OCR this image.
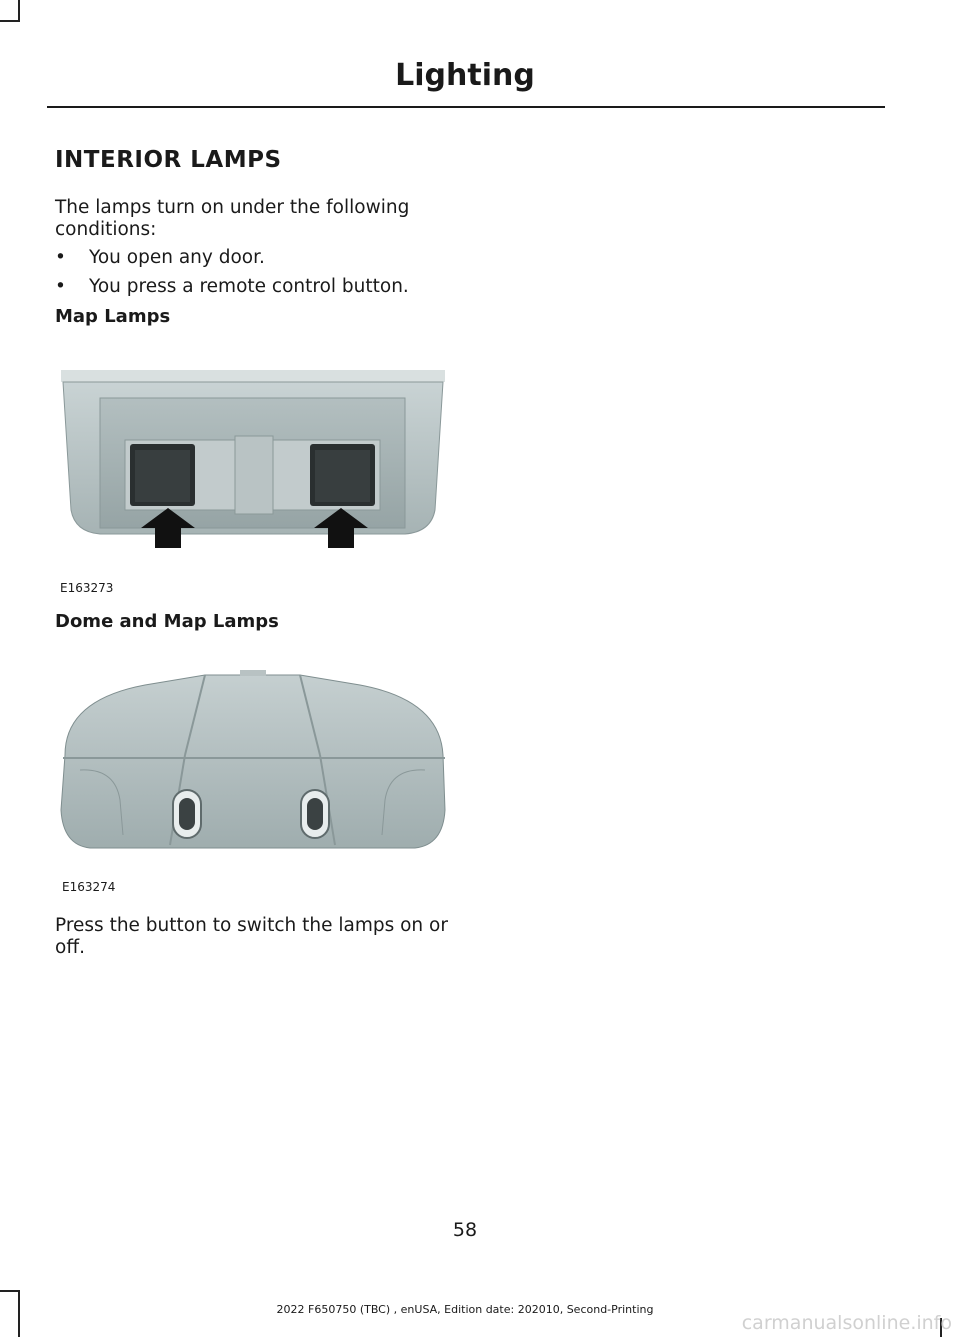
Lighting
INTERIOR LAMPS
The lamps turn on under the following conditions:
• You open any door.
• You press a remote control button.
Map Lamps
E163273
Dome and Map Lamps
E163274
Press the button to switch the lamps on or off.
58
2022 F650750 (TBC) , enUSA, Edition date: 202010, Second-Printing
carmanualsonline.info
